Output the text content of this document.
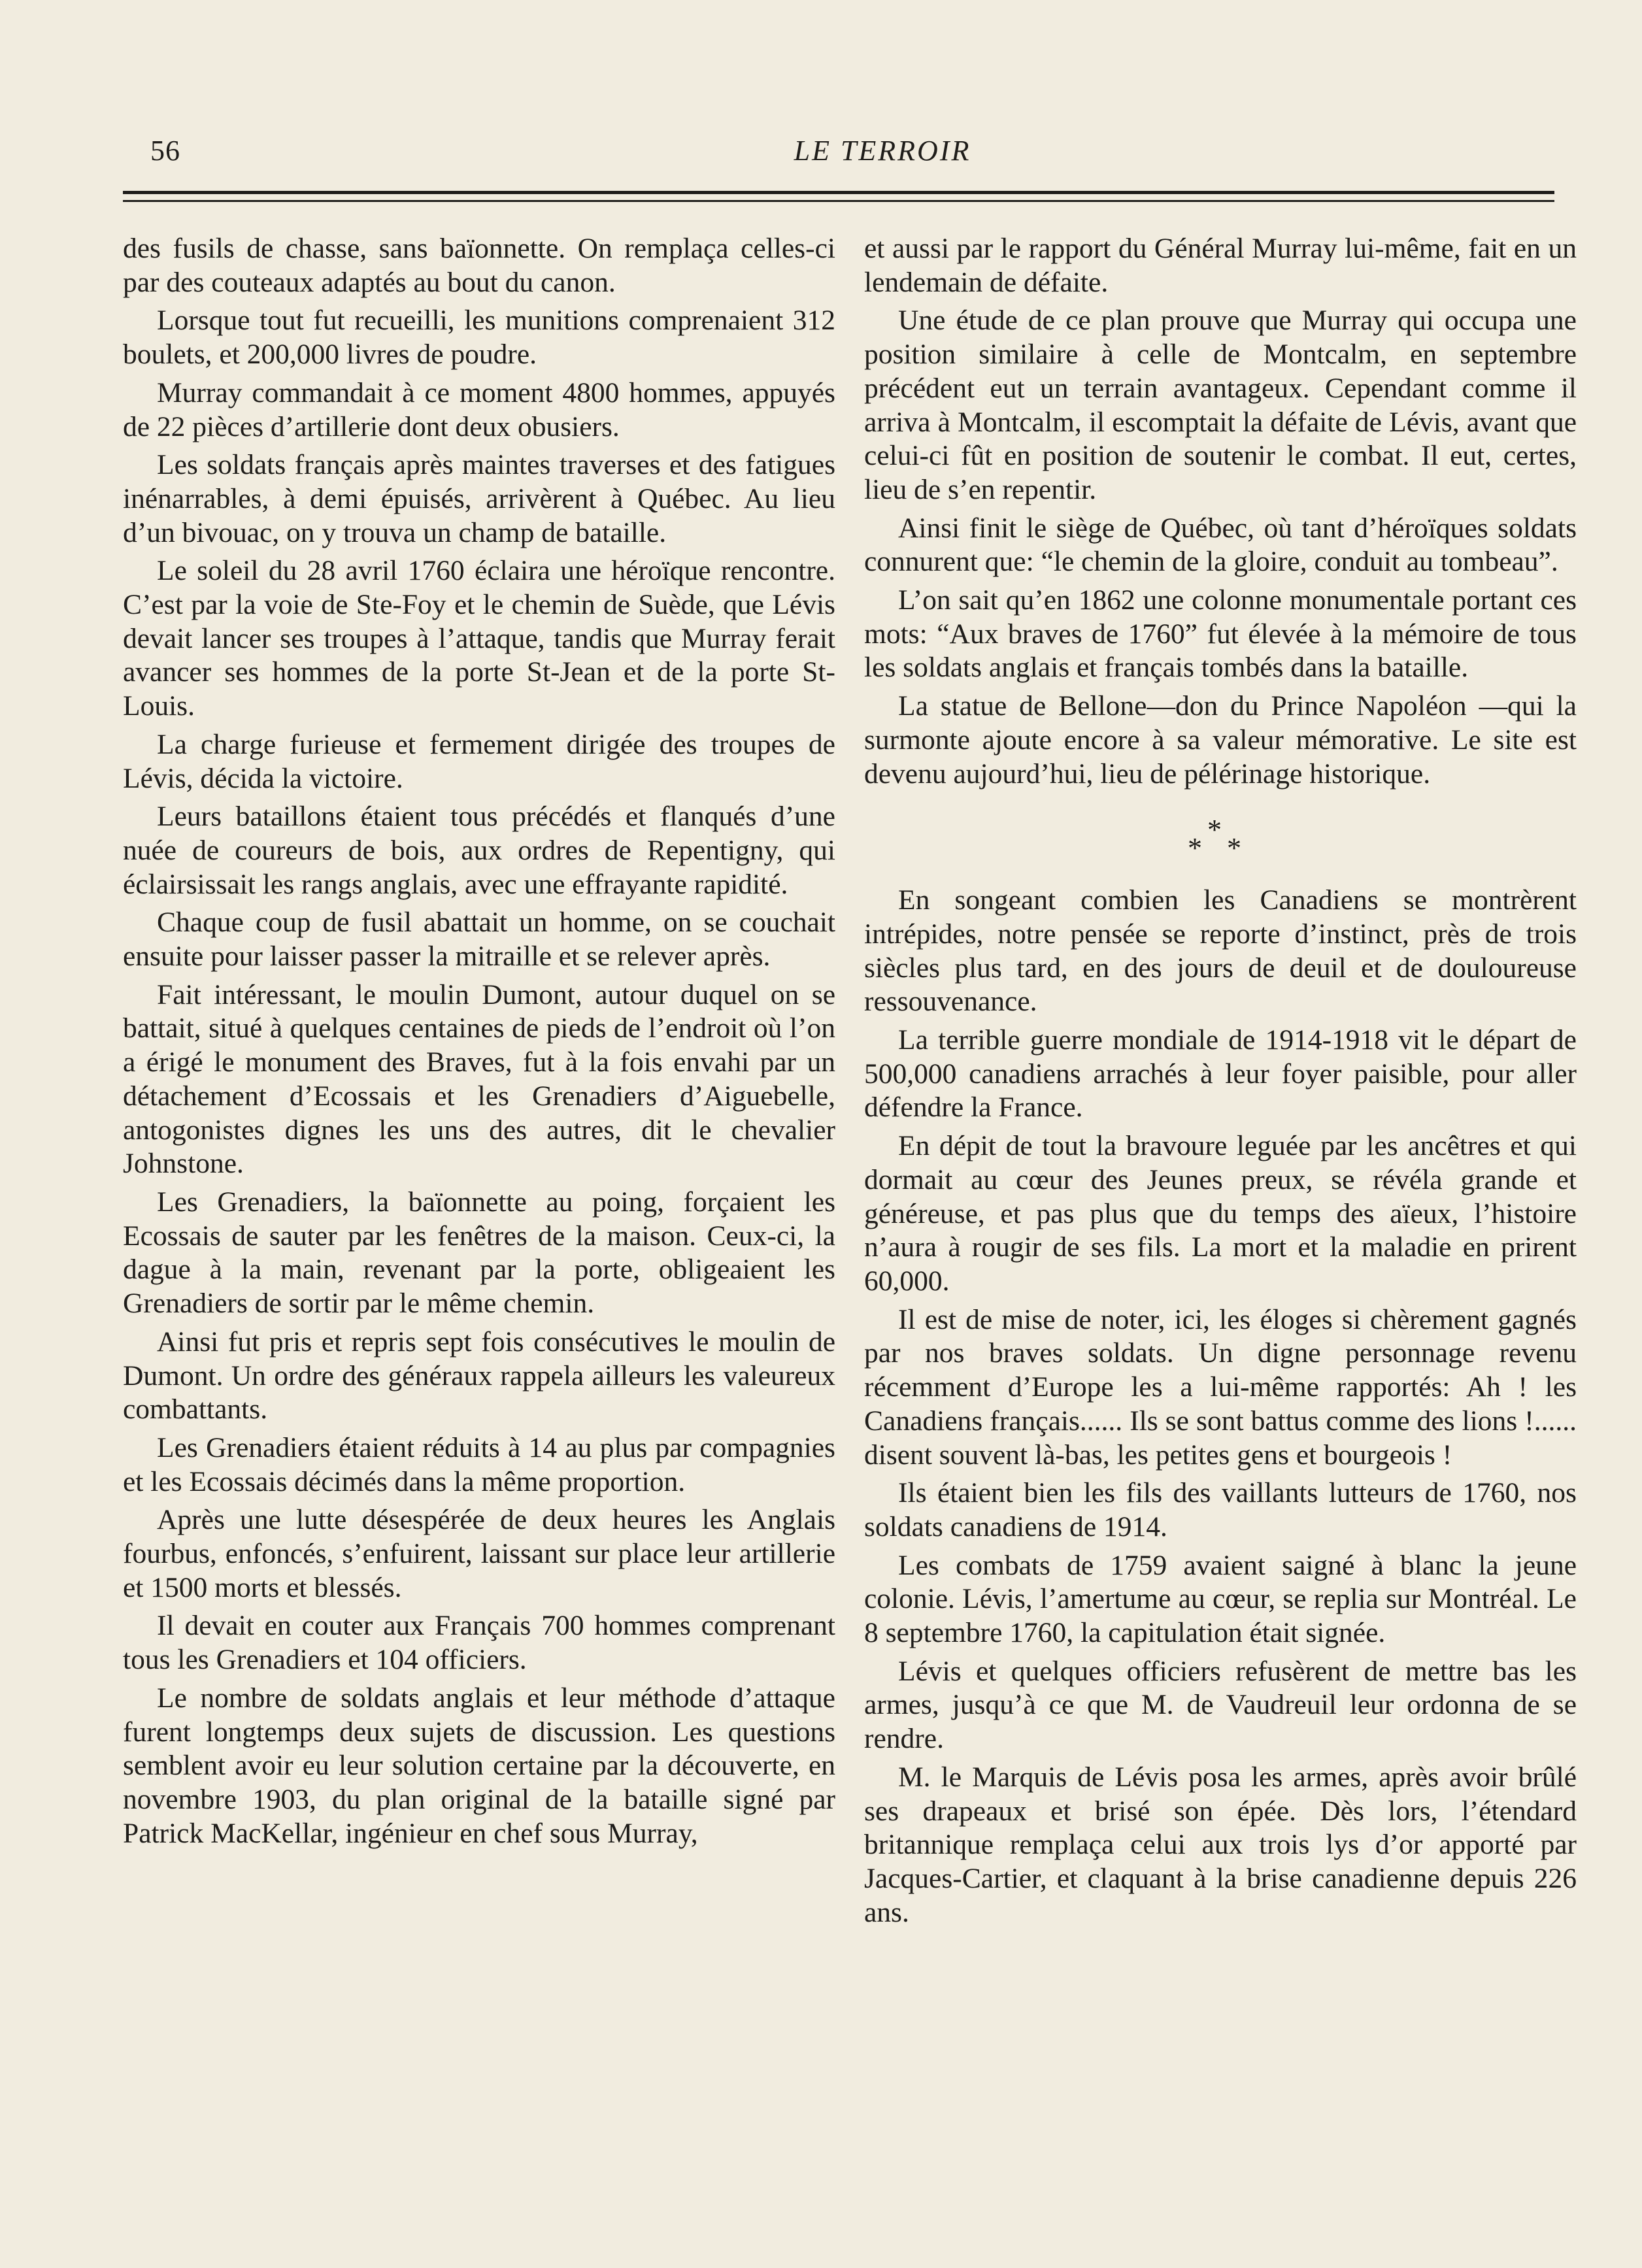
56	LE TERROIR

des fusils de chasse, sans baïonnette. On remplaça celles-ci par des couteaux adaptés au bout du canon.

Lorsque tout fut recueilli, les munitions comprenaient 312 boulets, et 200,000 livres de poudre.

Murray commandait à ce moment 4800 hommes, appuyés de 22 pièces d’artillerie dont deux obusiers.

Les soldats français après maintes traverses et des fatigues inénarrables, à demi épuisés, arrivèrent à Québec. Au lieu d’un bivouac, on y trouva un champ de bataille.

Le soleil du 28 avril 1760 éclaira une héroïque rencontre. C’est par la voie de Ste-Foy et le chemin de Suède, que Lévis devait lancer ses troupes à l’attaque, tandis que Murray ferait avancer ses hommes de la porte St-Jean et de la porte St-Louis.

La charge furieuse et fermement dirigée des troupes de Lévis, décida la victoire.

Leurs bataillons étaient tous précédés et flanqués d’une nuée de coureurs de bois, aux ordres de Repentigny, qui éclairsissait les rangs anglais, avec une effrayante rapidité.

Chaque coup de fusil abattait un homme, on se couchait ensuite pour laisser passer la mitraille et se relever après.

Fait intéressant, le moulin Dumont, autour duquel on se battait, situé à quelques centaines de pieds de l’endroit où l’on a érigé le monument des Braves, fut à la fois envahi par un détachement d’Ecossais et les Grenadiers d’Aiguebelle, antogonistes dignes les uns des autres, dit le chevalier Johnstone.

Les Grenadiers, la baïonnette au poing, forçaient les Ecossais de sauter par les fenêtres de la maison. Ceux-ci, la dague à la main, revenant par la porte, obligeaient les Grenadiers de sortir par le même chemin.

Ainsi fut pris et repris sept fois consécutives le moulin de Dumont. Un ordre des généraux rappela ailleurs les valeureux combattants.

Les Grenadiers étaient réduits à 14 au plus par compagnies et les Ecossais décimés dans la même proportion.

Après une lutte désespérée de deux heures les Anglais fourbus, enfoncés, s’enfuirent, laissant sur place leur artillerie et 1500 morts et blessés.

Il devait en couter aux Français 700 hommes comprenant tous les Grenadiers et 104 officiers.

Le nombre de soldats anglais et leur méthode d’attaque furent longtemps deux sujets de discussion. Les questions semblent avoir eu leur solution certaine par la découverte, en novembre 1903, du plan original de la bataille signé par Patrick MacKellar, ingénieur en chef sous Murray,

et aussi par le rapport du Général Murray lui-même, fait en un lendemain de défaite.

Une étude de ce plan prouve que Murray qui occupa une position similaire à celle de Montcalm, en septembre précédent eut un terrain avantageux. Cependant comme il arriva à Montcalm, il escomptait la défaite de Lévis, avant que celui-ci fût en position de soutenir le combat. Il eut, certes, lieu de s’en repentir.

Ainsi finit le siège de Québec, où tant d’héroïques soldats connurent que: “le chemin de la gloire, conduit au tombeau”.

L’on sait qu’en 1862 une colonne monumentale portant ces mots: “Aux braves de 1760” fut élevée à la mémoire de tous les soldats anglais et français tombés dans la bataille.

La statue de Bellone—don du Prince Napoléon —qui la surmonte ajoute encore à sa valeur mémorative. Le site est devenu aujourd’hui, lieu de pélérinage historique.

*
* *

En songeant combien les Canadiens se montrèrent intrépides, notre pensée se reporte d’instinct, près de trois siècles plus tard, en des jours de deuil et de douloureuse ressouvenance.

La terrible guerre mondiale de 1914-1918 vit le départ de 500,000 canadiens arrachés à leur foyer paisible, pour aller défendre la France.

En dépit de tout la bravoure leguée par les ancêtres et qui dormait au cœur des Jeunes preux, se révéla grande et généreuse, et pas plus que du temps des aïeux, l’histoire n’aura à rougir de ses fils. La mort et la maladie en prirent 60,000.

Il est de mise de noter, ici, les éloges si chèrement gagnés par nos braves soldats. Un digne personnage revenu récemment d’Europe les a lui-même rapportés: Ah ! les Canadiens français...... Ils se sont battus comme des lions !...... disent souvent là-bas, les petites gens et bourgeois !

Ils étaient bien les fils des vaillants lutteurs de 1760, nos soldats canadiens de 1914.

Les combats de 1759 avaient saigné à blanc la jeune colonie. Lévis, l’amertume au cœur, se replia sur Montréal. Le 8 septembre 1760, la capitulation était signée.

Lévis et quelques officiers refusèrent de mettre bas les armes, jusqu’à ce que M. de Vaudreuil leur ordonna de se rendre.

M. le Marquis de Lévis posa les armes, après avoir brûlé ses drapeaux et brisé son épée. Dès lors, l’étendard britannique remplaça celui aux trois lys d’or apporté par Jacques-Cartier, et claquant à la brise canadienne depuis 226 ans.
